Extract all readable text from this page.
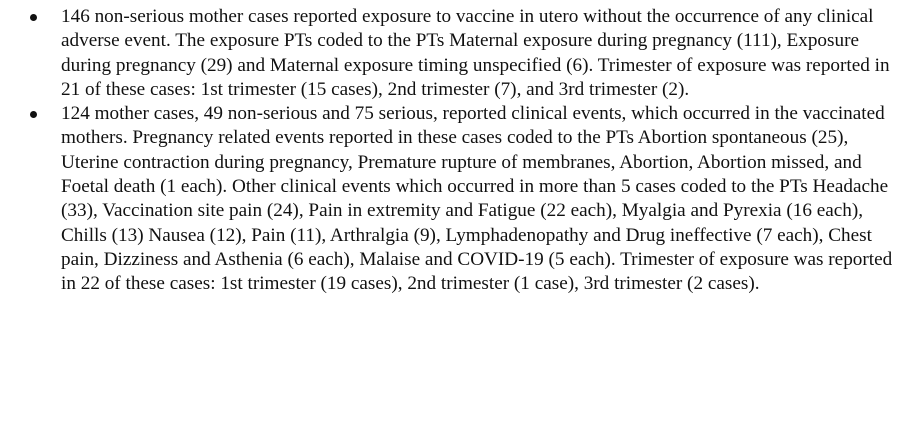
146 non-serious mother cases reported exposure to vaccine in utero without the occurrence of any clinical adverse event. The exposure PTs coded to the PTs Maternal exposure during pregnancy (111), Exposure during pregnancy (29) and Maternal exposure timing unspecified (6). Trimester of exposure was reported in 21 of these cases: 1st trimester (15 cases), 2nd trimester (7), and 3rd trimester (2).
124 mother cases, 49 non-serious and 75 serious, reported clinical events, which occurred in the vaccinated mothers. Pregnancy related events reported in these cases coded to the PTs Abortion spontaneous (25), Uterine contraction during pregnancy, Premature rupture of membranes, Abortion, Abortion missed, and Foetal death (1 each). Other clinical events which occurred in more than 5 cases coded to the PTs Headache (33), Vaccination site pain (24), Pain in extremity and Fatigue (22 each), Myalgia and Pyrexia (16 each), Chills (13) Nausea (12), Pain (11), Arthralgia (9), Lymphadenopathy and Drug ineffective (7 each), Chest pain, Dizziness and Asthenia (6 each), Malaise and COVID-19 (5 each). Trimester of exposure was reported in 22 of these cases: 1st trimester (19 cases), 2nd trimester (1 case), 3rd trimester (2 cases).
